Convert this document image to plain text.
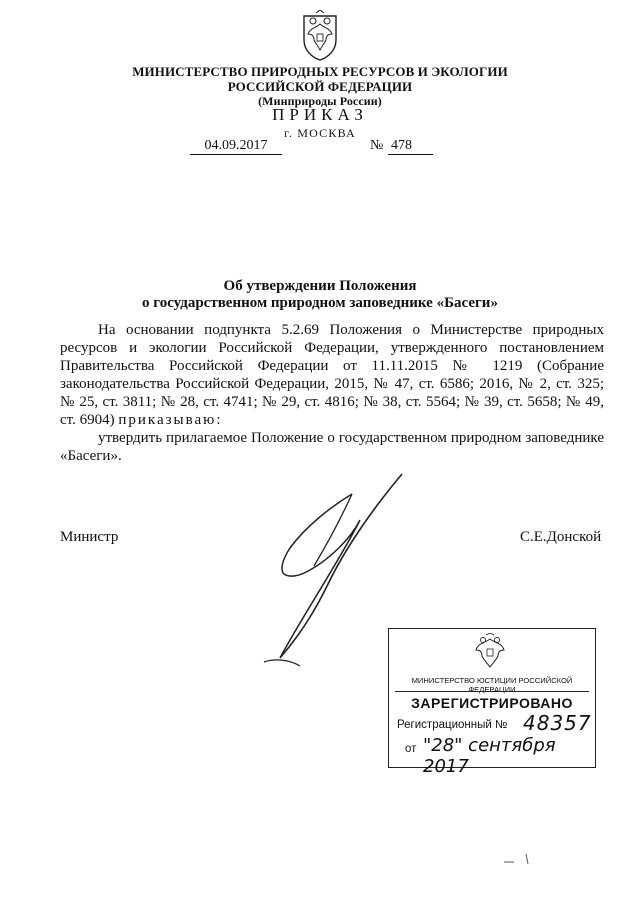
МИНИСТЕРСТВО ПРИРОДНЫХ РЕСУРСОВ И ЭКОЛОГИИ
РОССИЙСКОЙ ФЕДЕРАЦИИ
(Минприроды России)
ПРИКАЗ
г. МОСКВА
04.09.2017	№ 478
Об утверждении Положения
о государственном природном заповеднике «Басеги»
На основании подпункта 5.2.69 Положения о Министерстве природных
ресурсов и экологии Российской Федерации, утвержденного постановлением
Правительства Российской Федерации от 11.11.2015 № 1219 (Собрание
законодательства Российской Федерации, 2015, № 47, ст. 6586; 2016, № 2, ст. 325;
№ 25, ст. 3811; № 28, ст. 4741; № 29, ст. 4816; № 38, ст. 5564; № 39, ст. 5658; № 49,
ст. 6904) приказываю:
утвердить прилагаемое Положение о государственном природном заповеднике
«Басеги».
Министр	С.Е.Донской
МИНИСТЕРСТВО ЮСТИЦИИ РОССИЙСКОЙ ФЕДЕРАЦИИ
ЗАРЕГИСТРИРОВАНО
Регистрационный № 48357
от "28" сентября 2017
